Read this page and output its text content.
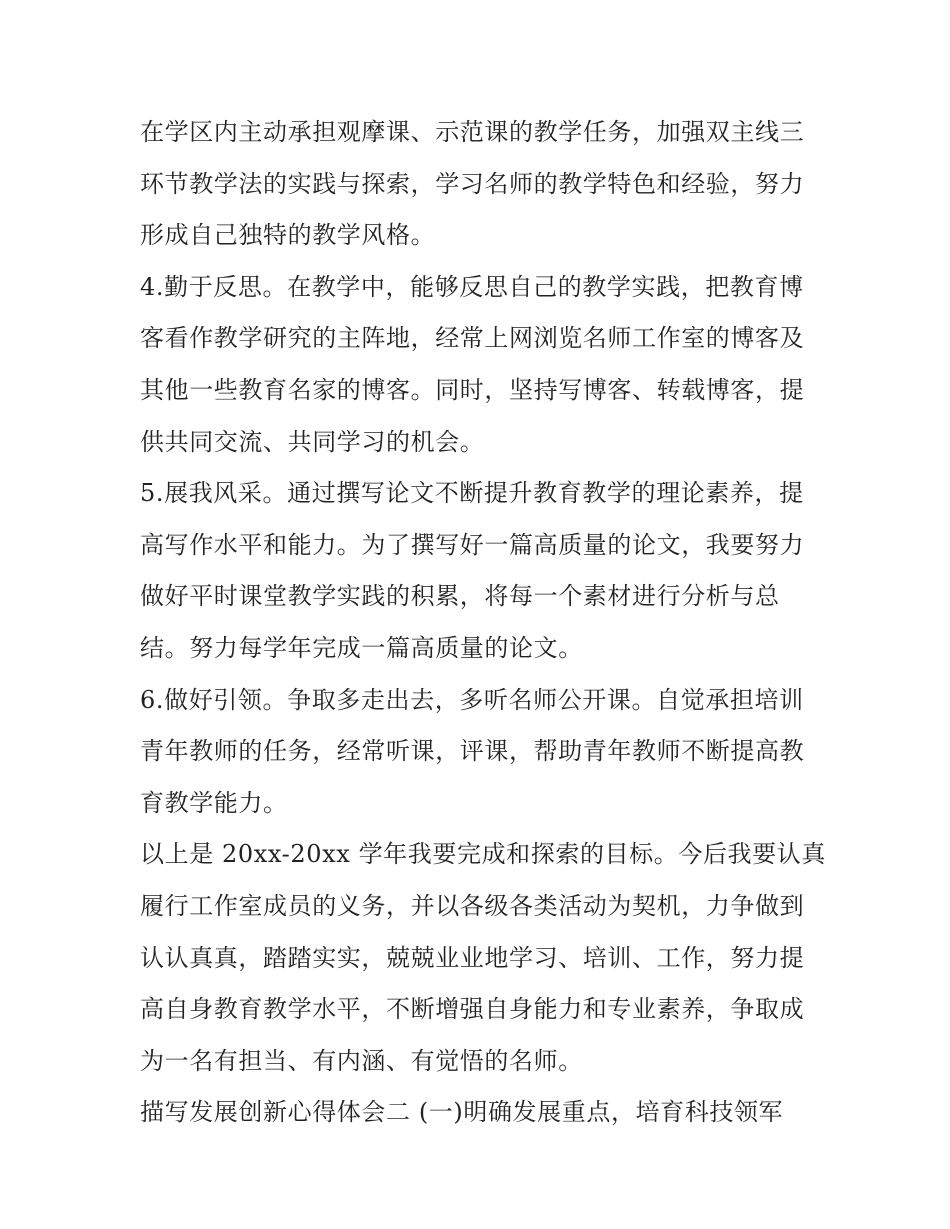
在学区内主动承担观摩课、示范课的教学任务，加强双主线三
环节教学法的实践与探索，学习名师的教学特色和经验，努力
形成自己独特的教学风格。
4.勤于反思。在教学中，能够反思自己的教学实践，把教育博
客看作教学研究的主阵地，经常上网浏览名师工作室的博客及
其他一些教育名家的博客。同时，坚持写博客、转载博客，提
供共同交流、共同学习的机会。
5.展我风采。通过撰写论文不断提升教育教学的理论素养，提
高写作水平和能力。为了撰写好一篇高质量的论文，我要努力
做好平时课堂教学实践的积累，将每一个素材进行分析与总
结。努力每学年完成一篇高质量的论文。
6.做好引领。争取多走出去，多听名师公开课。自觉承担培训
青年教师的任务，经常听课，评课，帮助青年教师不断提高教
育教学能力。
以上是 20xx-20xx 学年我要完成和探索的目标。今后我要认真
履行工作室成员的义务，并以各级各类活动为契机，力争做到
认认真真，踏踏实实，兢兢业业地学习、培训、工作，努力提
高自身教育教学水平，不断增强自身能力和专业素养，争取成
为一名有担当、有内涵、有觉悟的名师。
描写发展创新心得体会二 (一)明确发展重点，培育科技领军
